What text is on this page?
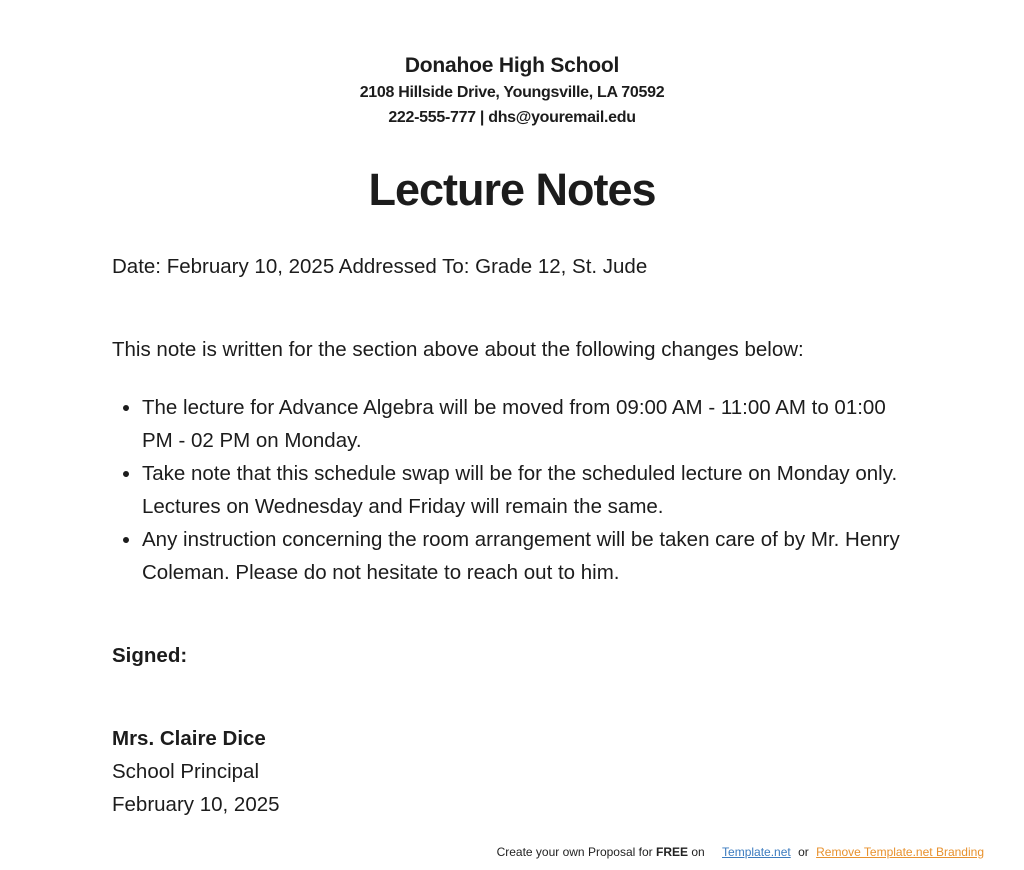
Donahoe High School

2108 Hillside Drive, Youngsville, LA 70592

222-555-777 | dhs@youremail.edu

Lecture Notes

Date: February 10, 2025 Addressed To: Grade 12, St. Jude

This note is written for the section above about the following changes below:

• The lecture for Advance Algebra will be moved from 09:00 AM - 11:00 AM to 01:00 PM - 02 PM on Monday.
• Take note that this schedule swap will be for the scheduled lecture on Monday only. Lectures on Wednesday and Friday will remain the same.
• Any instruction concerning the room arrangement will be taken care of by Mr. Henry Coleman. Please do not hesitate to reach out to him.

Signed:

Mrs. Claire Dice

School Principal

February 10, 2025

Create your own Proposal for FREE on Template.net or Remove Template.net Branding
